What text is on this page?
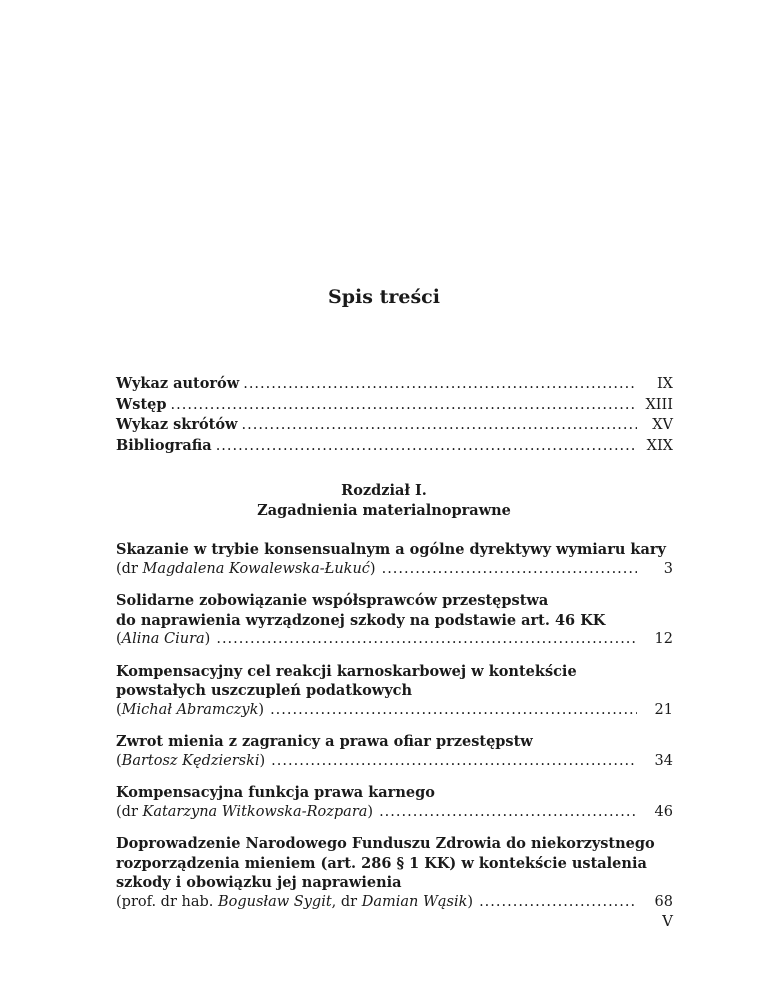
Spis treści
Wykaz autorów .....	IX
Wstęp .....	XIII
Wykaz skrótów .....	XV
Bibliografia .....	XIX
Rozdział I.
Zagadnienia materialnoprawne
Skazanie w trybie konsensualnym a ogólne dyrektywy wymiaru kary
(dr Magdalena Kowalewska-Łukuć) .....	3
Solidarne zobowiązanie współsprawców przestępstwa
do naprawienia wyrządzonej szkody na podstawie art. 46 KK
(Alina Ciura) .....	12
Kompensacyjny cel reakcji karnoskarbowej w kontekście
powstałych uszczupleń podatkowych
(Michał Abramczyk) .....	21
Zwrot mienia z zagranicy a prawa ofiar przestępstw
(Bartosz Kędzierski) .....	34
Kompensacyjna funkcja prawa karnego
(dr Katarzyna Witkowska-Rozpara) .....	46
Doprowadzenie Narodowego Funduszu Zdrowia do niekorzystnego
rozporządzenia mieniem (art. 286 § 1 KK) w kontekście ustalenia
szkody i obowiązku jej naprawienia
(prof. dr hab. Bogusław Sygit, dr Damian Wąsik) .....	68
V
